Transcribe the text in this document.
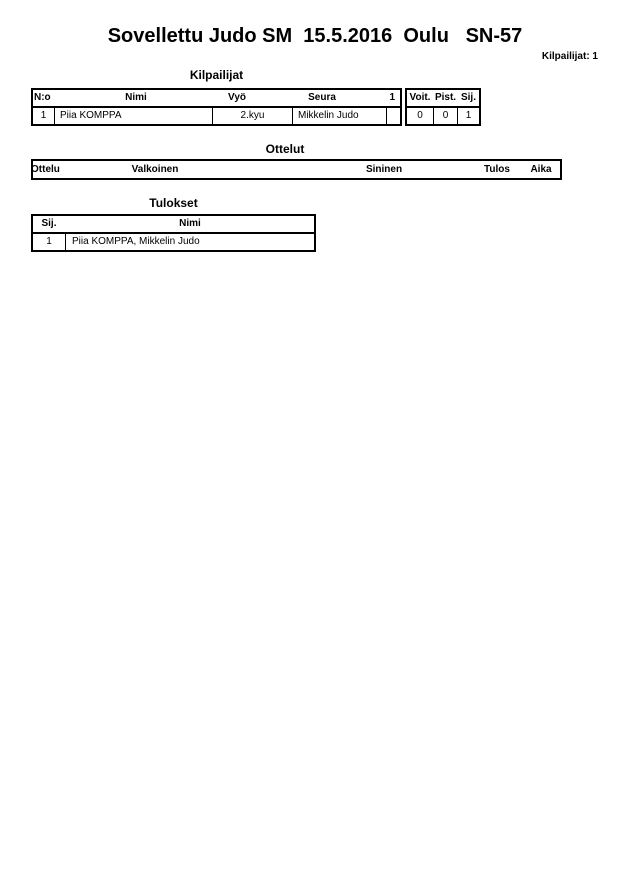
Sovellettu Judo SM  15.5.2016  Oulu   SN-57
Kilpailijat: 1
Kilpailijat
N:o	Nimi	Vyö	Seura	1
1	Piia KOMPPA	2.kyu	Mikkelin Judo
Voit. Pist. Sij.
0	0	1
Ottelut
Ottelu	Valkoinen	Sininen	Tulos Aika
Tulokset
Sij.	Nimi
1	Piia KOMPPA, Mikkelin Judo
